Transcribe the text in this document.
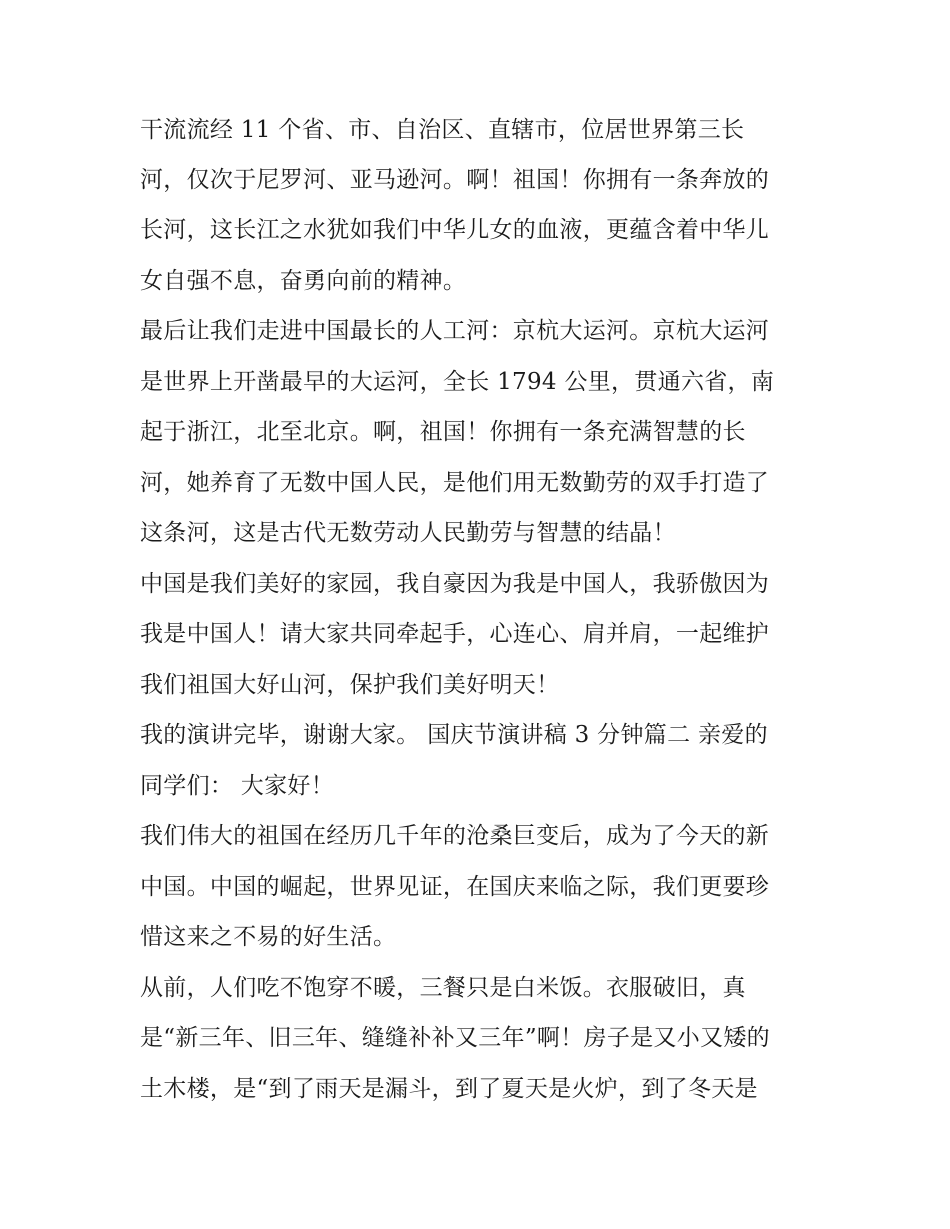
干流流经 11 个省、市、自治区、直辖市，位居世界第三长
河，仅次于尼罗河、亚马逊河。啊！祖国！你拥有一条奔放的
长河，这长江之水犹如我们中华儿女的血液，更蕴含着中华儿
女自强不息，奋勇向前的精神。
最后让我们走进中国最长的人工河：京杭大运河。京杭大运河
是世界上开凿最早的大运河，全长 1794 公里，贯通六省，南
起于浙江，北至北京。啊，祖国！你拥有一条充满智慧的长
河，她养育了无数中国人民，是他们用无数勤劳的双手打造了
这条河，这是古代无数劳动人民勤劳与智慧的结晶！
中国是我们美好的家园，我自豪因为我是中国人，我骄傲因为
我是中国人！请大家共同牵起手，心连心、肩并肩，一起维护
我们祖国大好山河，保护我们美好明天！
我的演讲完毕，谢谢大家。 国庆节演讲稿 3 分钟篇二 亲爱的
同学们： 大家好！
我们伟大的祖国在经历几千年的沧桑巨变后，成为了今天的新
中国。中国的崛起，世界见证，在国庆来临之际，我们更要珍
惜这来之不易的好生活。
从前，人们吃不饱穿不暖，三餐只是白米饭。衣服破旧，真
是“新三年、旧三年、缝缝补补又三年”啊！房子是又小又矮的
土木楼，是“到了雨天是漏斗，到了夏天是火炉，到了冬天是
